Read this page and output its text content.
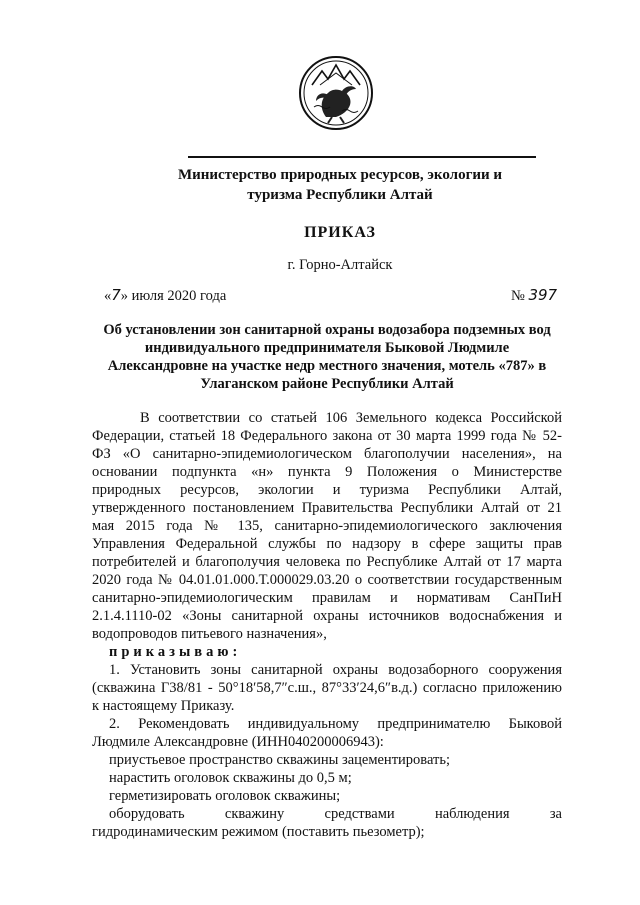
Министерство природных ресурсов, экологии и
туризма Республики Алтай
ПРИКАЗ
г. Горно-Алтайск
«7» июля 2020 года	№ 397
Об установлении зон санитарной охраны водозабора подземных вод
индивидуального предпринимателя Быковой Людмиле
Александровне на участке недр местного значения, мотель «787» в
Улаганском районе Республики Алтай
В соответствии со статьей 106 Земельного кодекса Российской
Федерации, статьей 18 Федерального закона от 30 марта 1999 года № 52-
ФЗ «О санитарно-эпидемиологическом благополучии населения», на
основании подпункта «н» пункта 9 Положения о Министерстве
природных ресурсов, экологии и туризма Республики Алтай,
утвержденного постановлением Правительства Республики Алтай от 21
мая 2015 года № 135, санитарно-эпидемиологического заключения
Управления Федеральной службы по надзору в сфере защиты прав
потребителей и благополучия человека по Республике Алтай от 17 марта
2020 года № 04.01.01.000.Т.000029.03.20 о соответствии государственным
санитарно-эпидемиологическим правилам и нормативам СанПиН
2.1.4.1110-02 «Зоны санитарной охраны источников водоснабжения и
водопроводов питьевого назначения»,
приказываю:
1. Установить зоны санитарной охраны водозаборного сооружения
(скважина Г38/81 - 50°18′58,7″с.ш., 87°33′24,6″в.д.) согласно приложению
к настоящему Приказу.
2. Рекомендовать индивидуальному предпринимателю Быковой
Людмиле Александровне (ИНН040200006943):
приустьевое пространство скважины зацементировать;
нарастить оголовок скважины до 0,5 м;
герметизировать оголовок скважины;
оборудовать скважину средствами наблюдения за
гидродинамическим режимом (поставить пьезометр);
